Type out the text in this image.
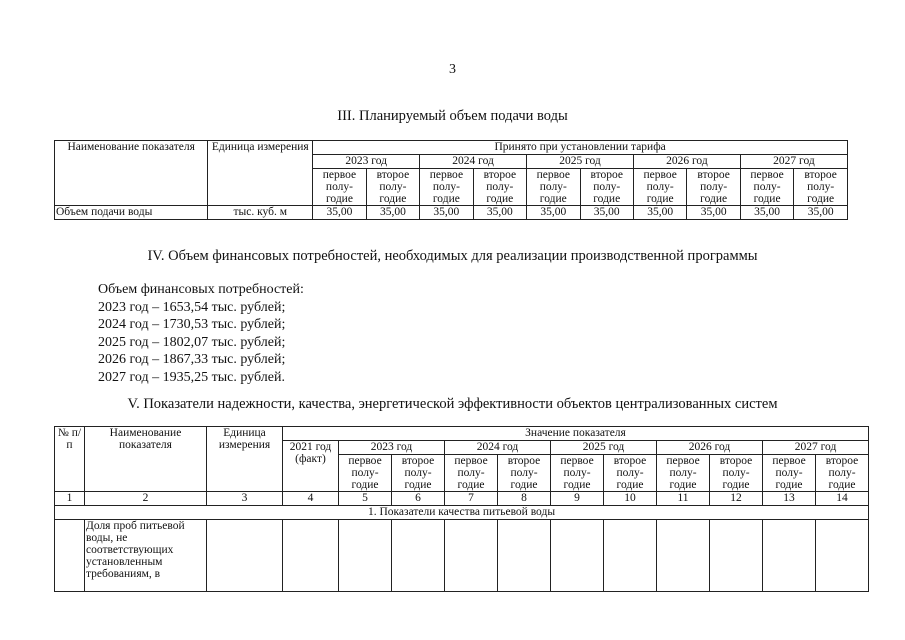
3
III. Планируемый объем подачи воды
Наименование показателя	Единица измерения	Принято при установлении тарифа									
		2023 год		2024 год		2025 год		2026 год		2027 год	
		первое полу- годие	второе полу- годие	первое полу- годие	второе полу- годие	первое полу- годие	второе полу- годие	первое полу- годие	второе полу- годие	первое полу- годие	второе полу- годие
Объем подачи воды	тыс. куб. м	35,00	35,00	35,00	35,00	35,00	35,00	35,00	35,00	35,00	35,00
IV. Объем финансовых потребностей, необходимых для реализации производственной программы
Объем финансовых потребностей:
2023 год – 1653,54 тыс. рублей;
2024 год – 1730,53 тыс. рублей;
2025 год – 1802,07 тыс. рублей;
2026 год – 1867,33 тыс. рублей;
2027 год – 1935,25 тыс. рублей.
V. Показатели надежности, качества, энергетической эффективности объектов централизованных систем
№ п/п	Наименование показателя	Единица измерения	Значение показателя										
			2021 год (факт)	2023 год		2024 год		2025 год		2026 год		2027 год	
				первое полу- годие	второе полу- годие	первое полу- годие	второе полу- годие	первое полу- годие	второе полу- годие	первое полу- годие	второе полу- годие	первое полу- годие	второе полу- годие
1	2	3	4	5	6	7	8	9	10	11	12	13	14
1. Показатели качества питьевой воды													
	Доля проб питьевой воды, не соответствующих установленным требованиям, в												
